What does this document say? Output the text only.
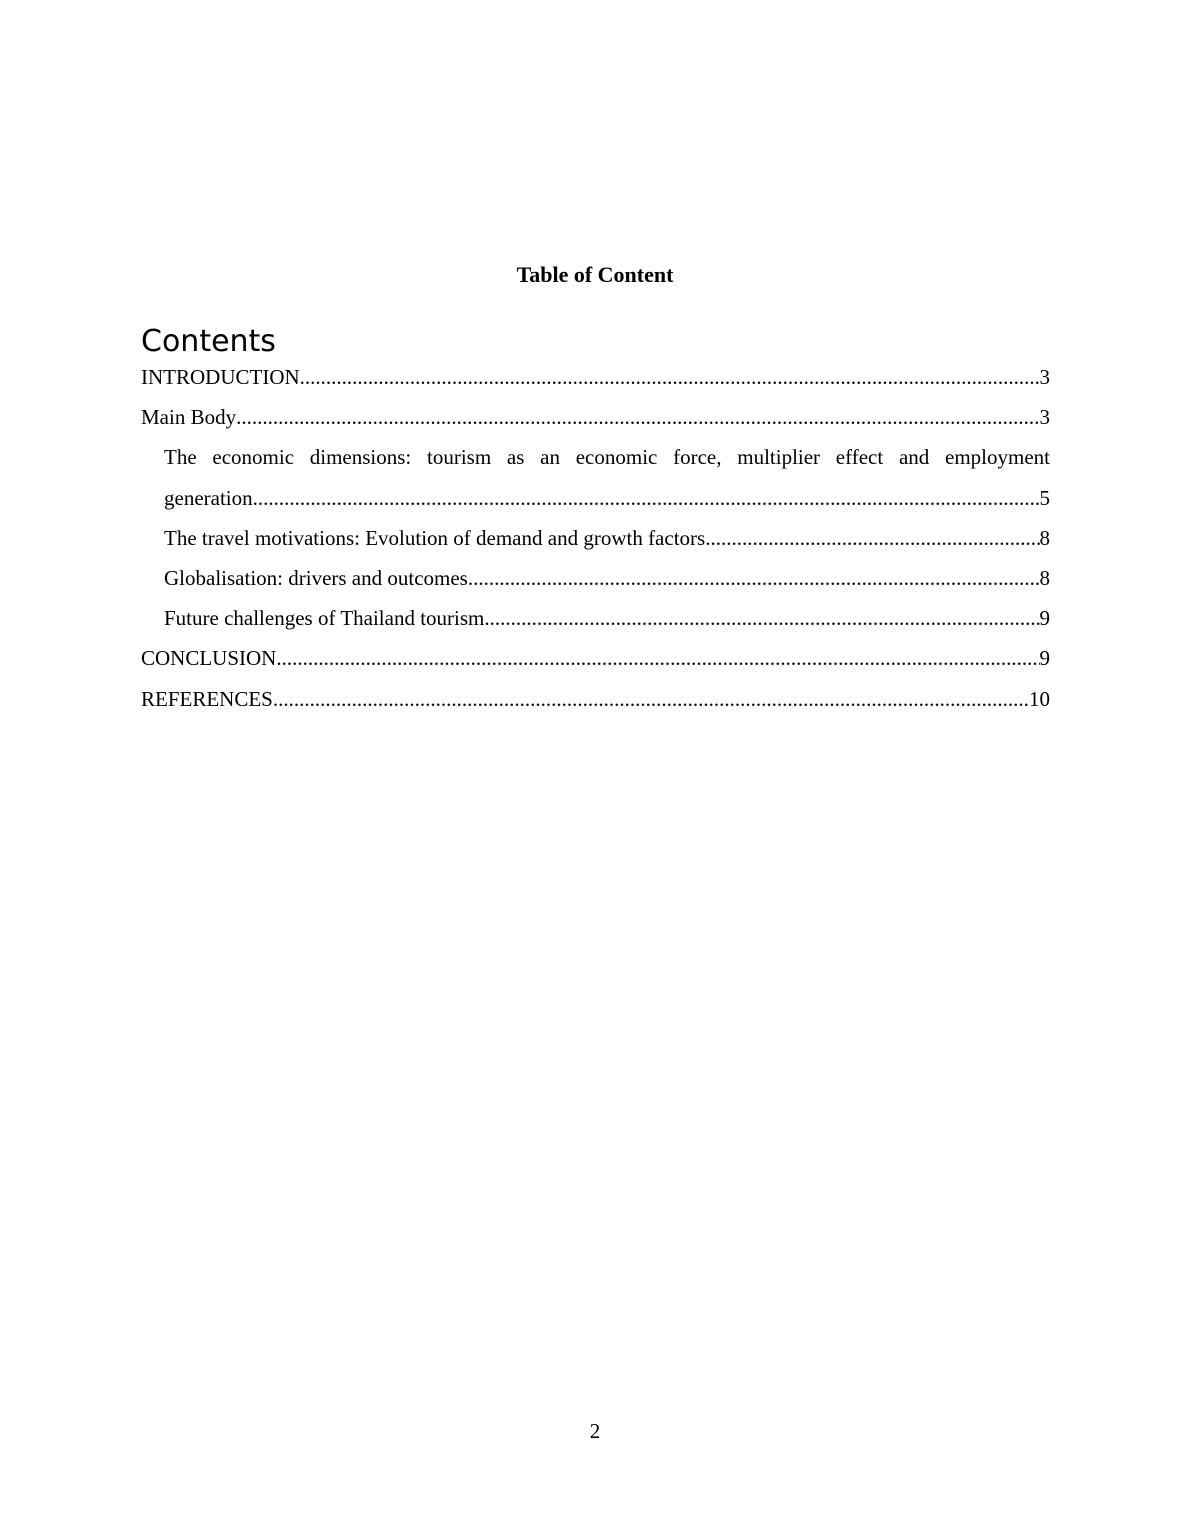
Table of Content
Contents
INTRODUCTION .....	3
Main Body .....	3
The economic dimensions: tourism as an economic force, multiplier effect and employment
generation .....	5
The travel motivations: Evolution of demand and growth factors .....	8
Globalisation: drivers and outcomes .....	8
Future challenges of Thailand tourism .....	9
CONCLUSION .....	9
REFERENCES .....	10
2
